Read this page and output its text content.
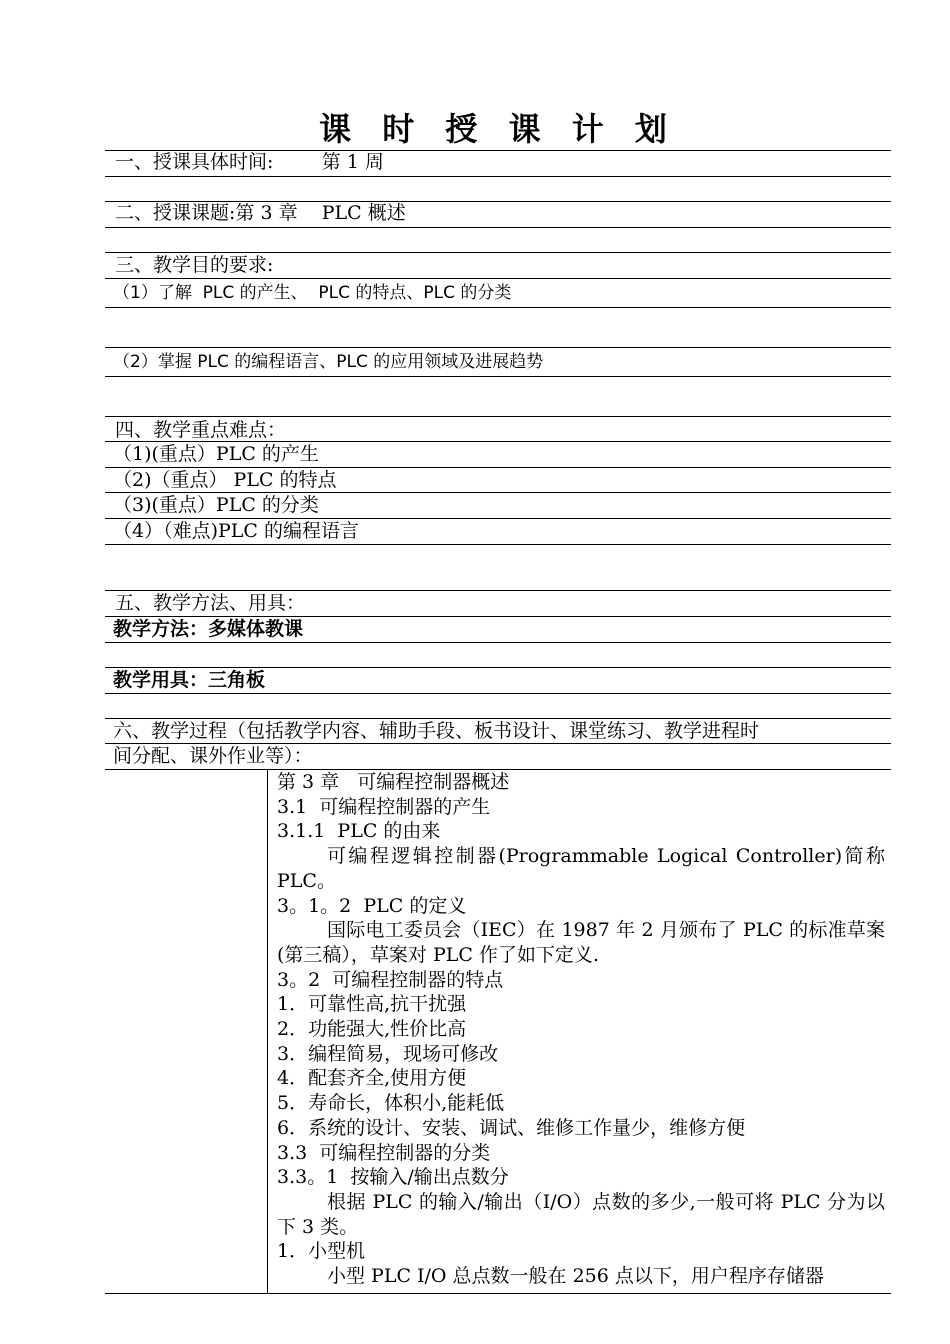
课 时 授 课 计 划
一、授课具体时间:        第 1 周
二、授课课题:第 3 章    PLC 概述
三、教学目的要求:
（1）了解  PLC 的产生、  PLC 的特点、PLC 的分类
（2）掌握 PLC 的编程语言、PLC 的应用领域及进展趋势
四、教学重点难点：
（1)(重点）PLC 的产生
（2)（重点） PLC 的特点
（3)(重点）PLC 的分类
（4）（难点)PLC 的编程语言
五、教学方法、用具：
教学方法：多媒体教课
教学用具：三角板
六、教学过程（包括教学内容、辅助手段、板书设计、课堂练习、教学进程时
间分配、课外作业等）：
第 3 章   可编程控制器概述
3.1  可编程控制器的产生
3.1.1  PLC 的由来
可编程逻辑控制器(Programmable Logical Controller)简称 PLC。
3。1。2  PLC 的定义
国际电工委员会（IEC）在 1987 年 2 月颁布了 PLC 的标准草案(第三稿），草案对 PLC 作了如下定义.
3。2  可编程控制器的特点
1．可靠性高,抗干扰强
2．功能强大,性价比高
3．编程简易，现场可修改
4．配套齐全,使用方便
5．寿命长，体积小,能耗低
6．系统的设计、安装、调试、维修工作量少，维修方便
3.3  可编程控制器的分类
3.3。1  按输入/输出点数分
根据 PLC 的输入/输出（I/O）点数的多少,一般可将 PLC 分为以下 3 类。
1．小型机
小型 PLC I/O 总点数一般在 256 点以下，用户程序存储器
